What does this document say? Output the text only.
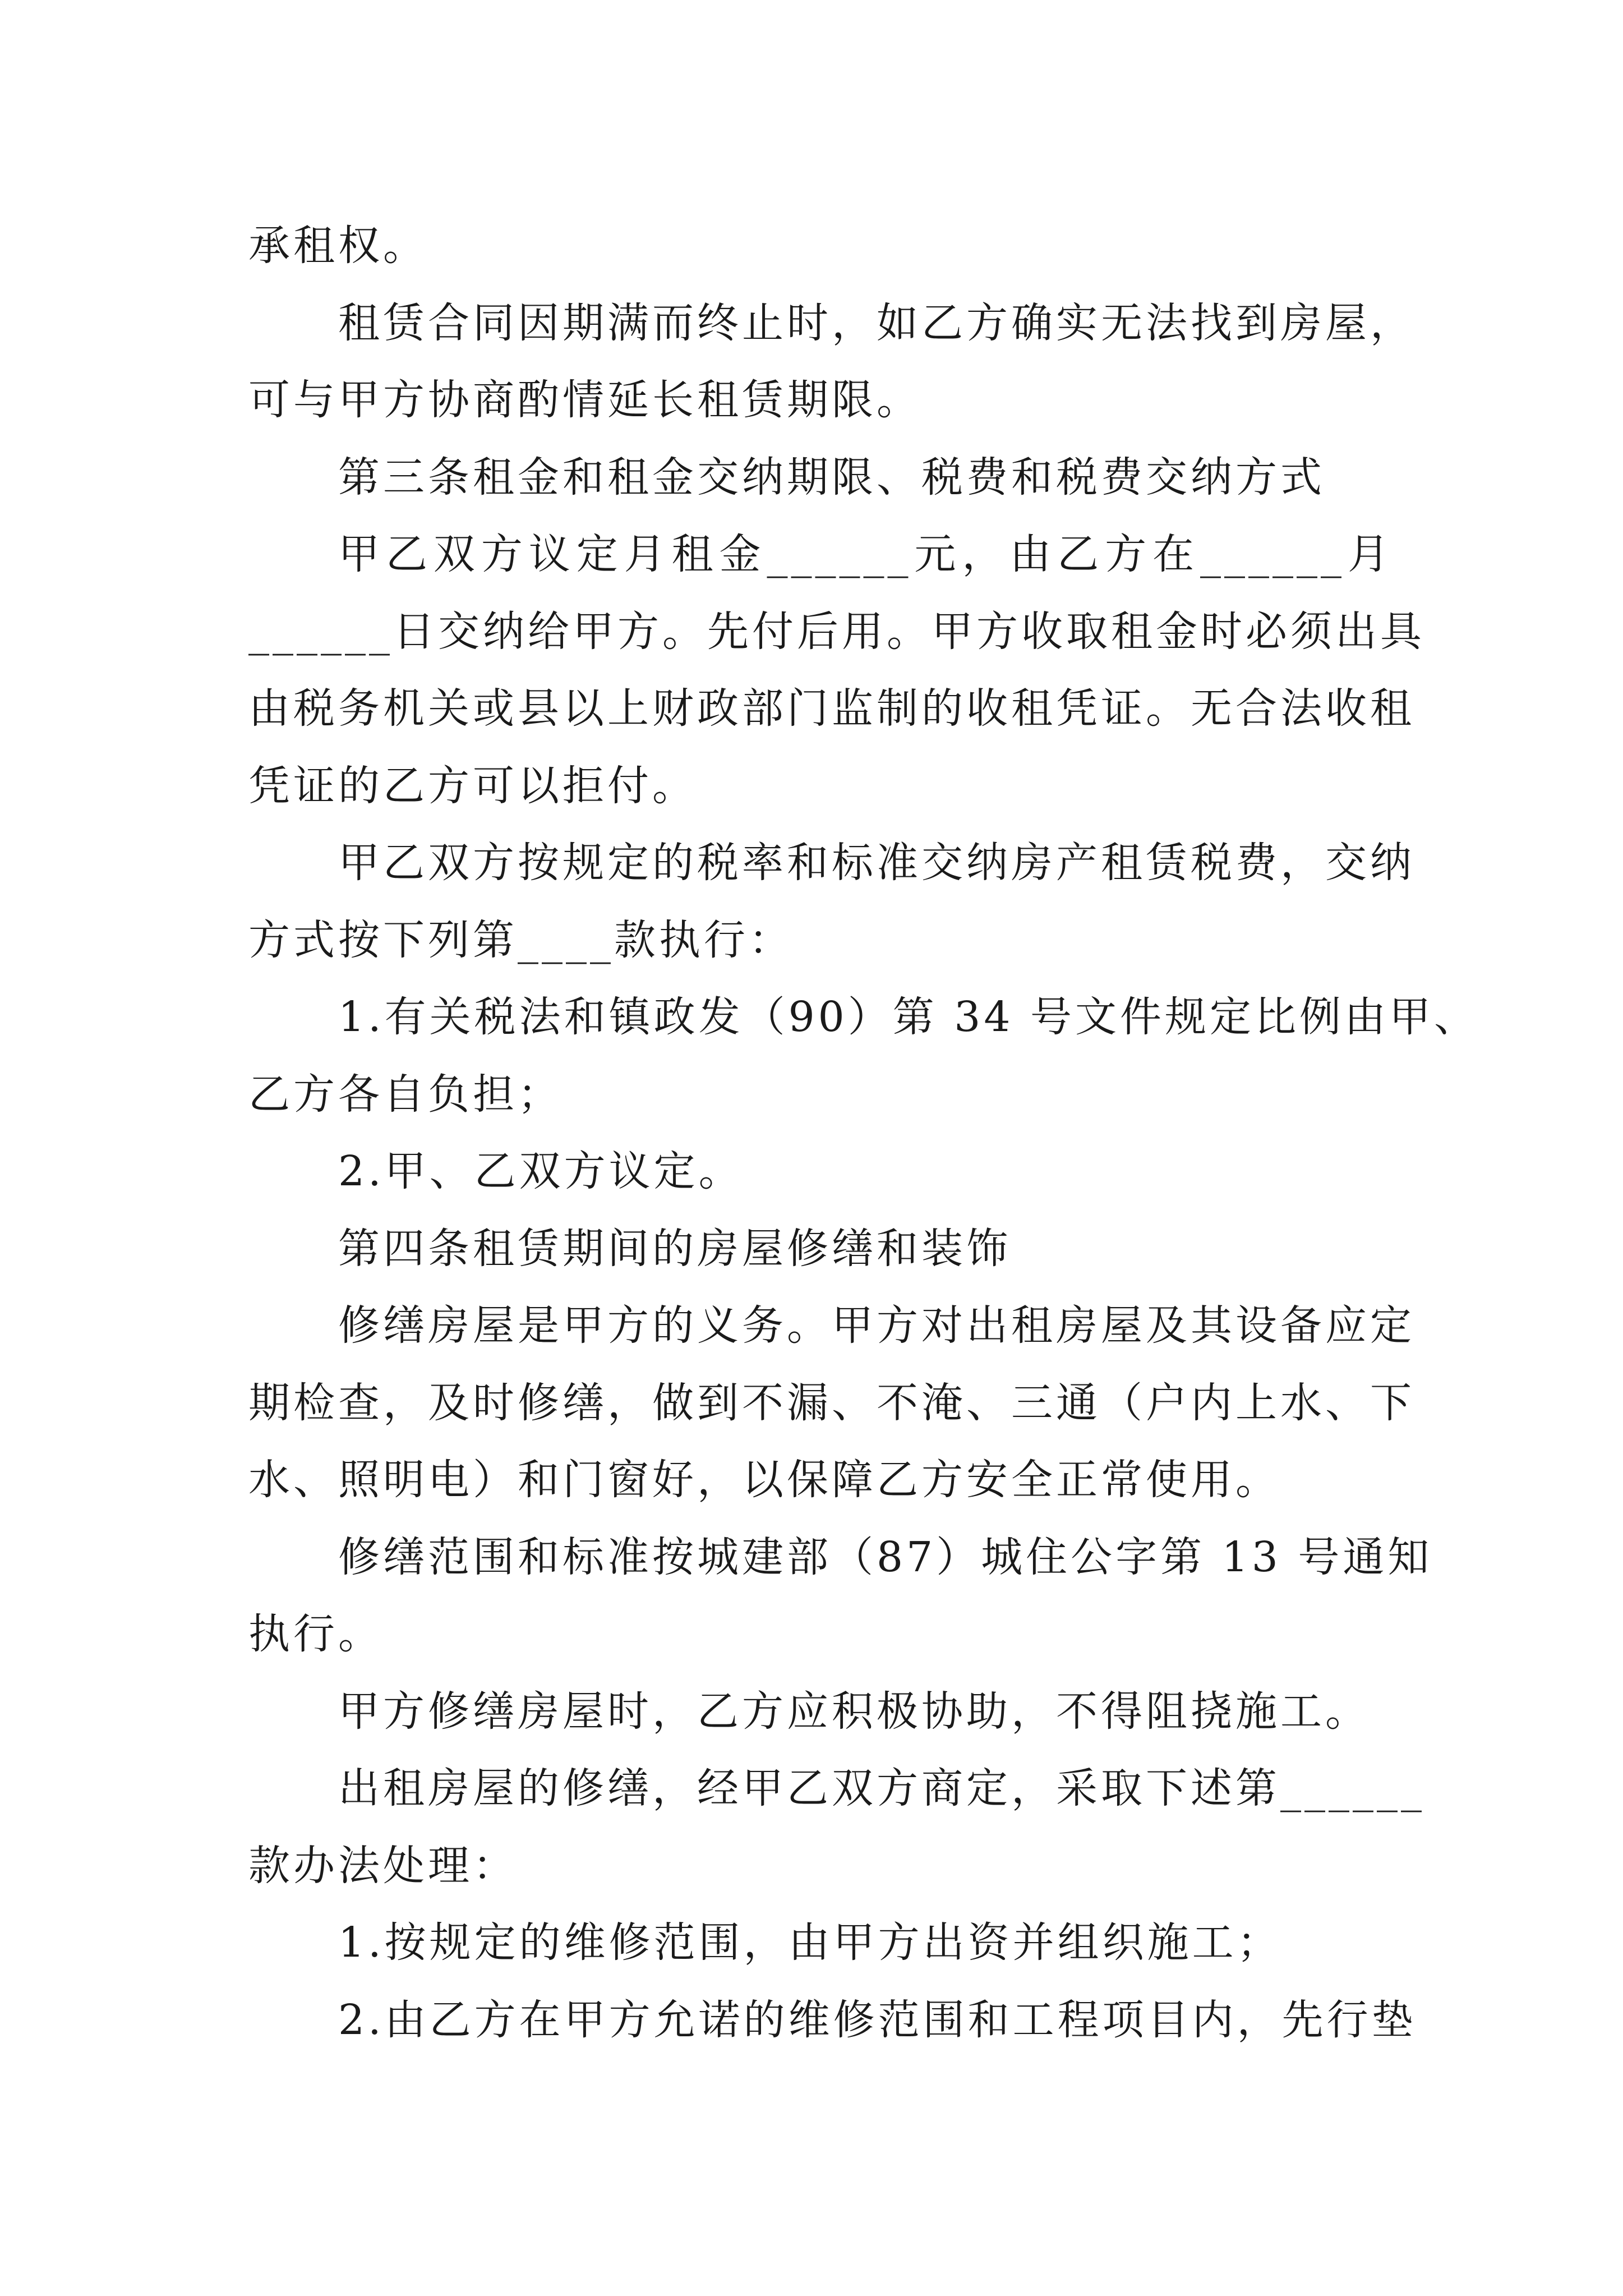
承租权。
租赁合同因期满而终止时，如乙方确实无法找到房屋，
可与甲方协商酌情延长租赁期限。
第三条租金和租金交纳期限、税费和税费交纳方式
甲乙双方议定月租金______元，由乙方在______月
______日交纳给甲方。先付后用。甲方收取租金时必须出具
由税务机关或县以上财政部门监制的收租凭证。无合法收租
凭证的乙方可以拒付。
甲乙双方按规定的税率和标准交纳房产租赁税费，交纳
方式按下列第____款执行：
1.有关税法和镇政发（90）第 34 号文件规定比例由甲、
乙方各自负担；
2.甲、乙双方议定。
第四条租赁期间的房屋修缮和装饰
修缮房屋是甲方的义务。甲方对出租房屋及其设备应定
期检查，及时修缮，做到不漏、不淹、三通（户内上水、下
水、照明电）和门窗好，以保障乙方安全正常使用。
修缮范围和标准按城建部（87）城住公字第 13 号通知
执行。
甲方修缮房屋时，乙方应积极协助，不得阻挠施工。
出租房屋的修缮，经甲乙双方商定，采取下述第______
款办法处理：
1.按规定的维修范围，由甲方出资并组织施工；
2.由乙方在甲方允诺的维修范围和工程项目内，先行垫
